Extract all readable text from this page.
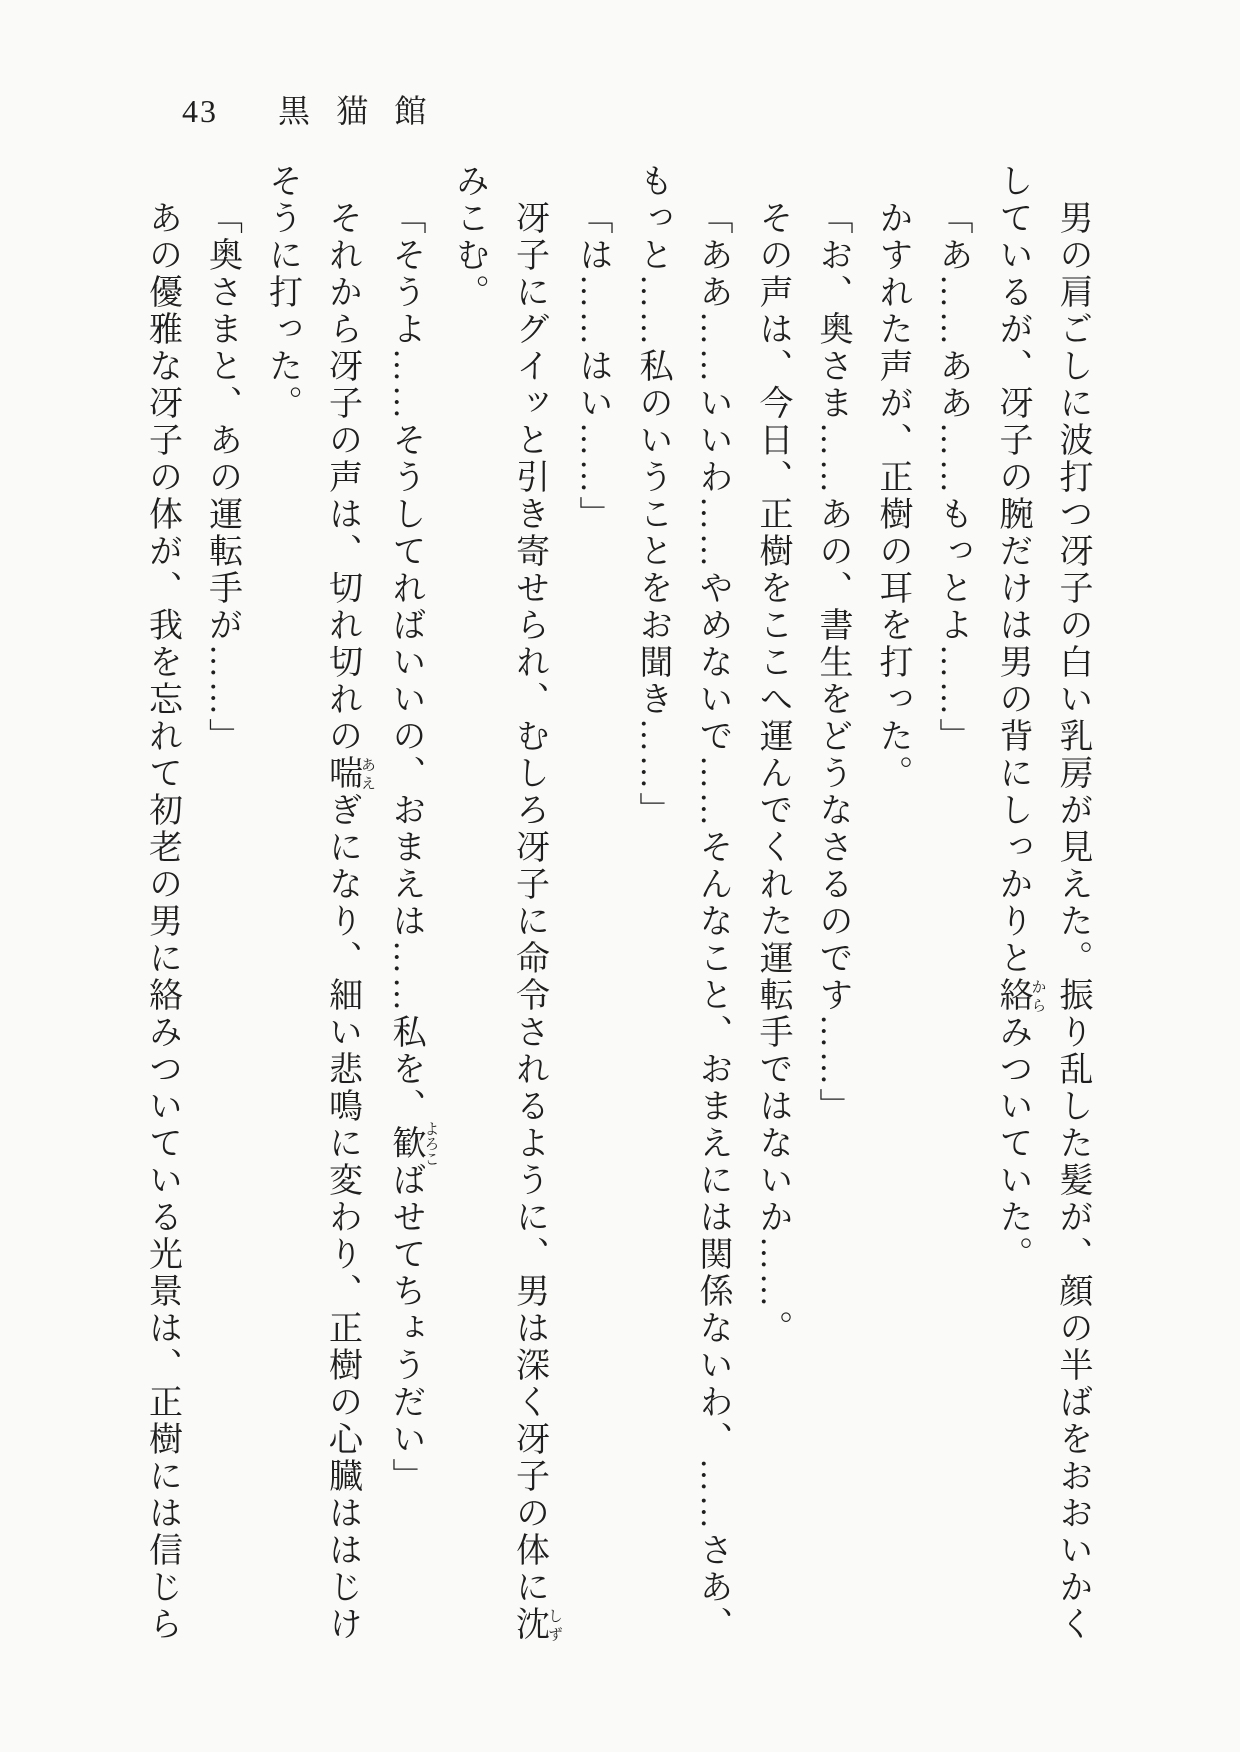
43 黒猫館

男の肩ごしに波打つ冴子の白い乳房が見えた。振り乱した髪が、顔の半ばをおおいかくしているが、冴子の腕だけは男の背にしっかりと絡からみついていた。

「あ……ああ……もっとよ……」

かすれた声が、正樹の耳を打った。

「お、奥さま……あの、書生をどうなさるのです……」

その声は、今日、正樹をここへ運んでくれた運転手ではないか……。

「ああ……いいわ……やめないで……そんなこと、おまえには関係ないわ、……さあ、もっと……私のいうことをお聞き……」

「は……はい……」

冴子にグイッと引き寄せられ、むしろ冴子に命令されるように、男は深く冴子の体に沈しずみこむ。

「そうよ……そうしてればいいの、おまえは……私を、歓よろこばせてちょうだい」

それから冴子の声は、切れ切れの喘あえぎになり、細い悲鳴に変わり、正樹の心臓ははじけそうに打った。

「奥さまと、あの運転手が……」

あの優雅な冴子の体が、我を忘れて初老の男に絡みついている光景は、正樹には信じら
